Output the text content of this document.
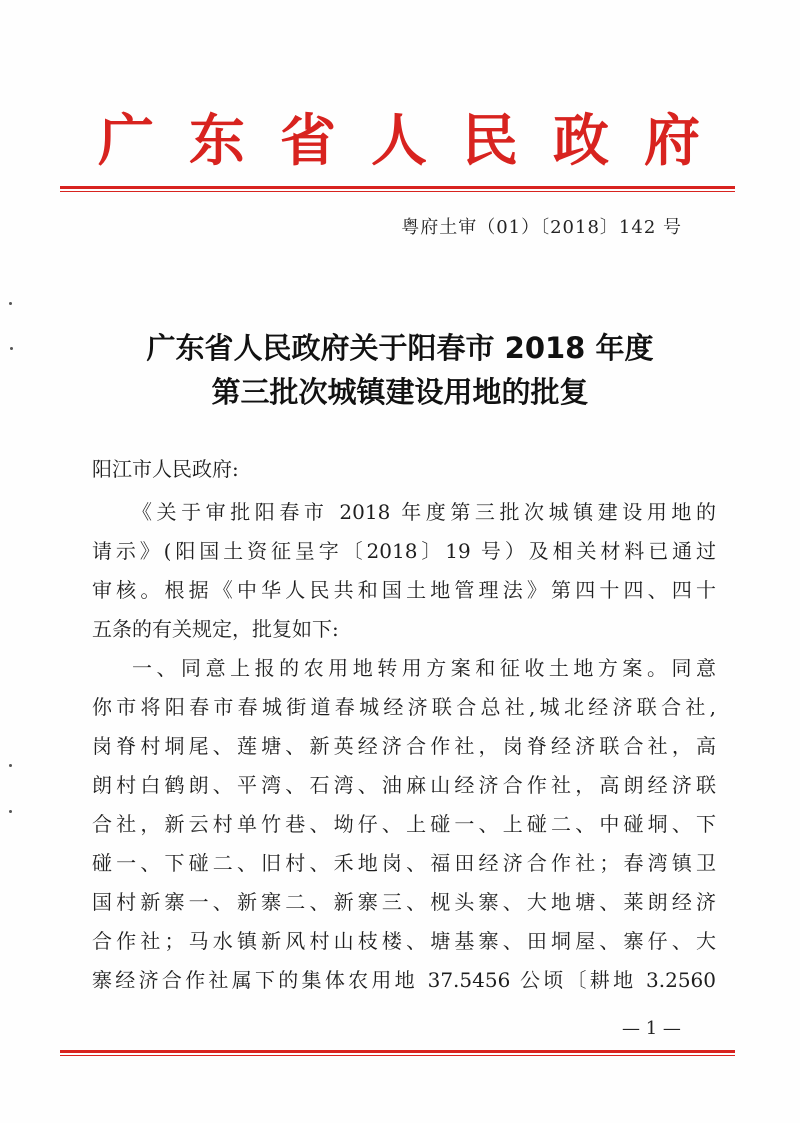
广 东 省 人 民 政 府
粤府土审（01）〔2018〕142 号
广东省人民政府关于阳春市 2018 年度
第三批次城镇建设用地的批复

阳江市人民政府:

《关于审批阳春市 2018 年度第三批次城镇建设用地的

请示》(阳国土资征呈字〔2018〕19 号）及相关材料已通过

审核。根据《中华人民共和国土地管理法》第四十四、四十

五条的有关规定，批复如下:

一、同意上报的农用地转用方案和征收土地方案。同意

你市将阳春市春城街道春城经济联合总社,城北经济联合社,

岗脊村垌尾、莲塘、新英经济合作社，岗脊经济联合社，高

朗村白鹤朗、平湾、石湾、油麻山经济合作社，高朗经济联

合社，新云村单竹巷、坳仔、上碰一、上碰二、中碰垌、下

碰一、下碰二、旧村、禾地岗、福田经济合作社；春湾镇卫

国村新寨一、新寨二、新寨三、枧头寨、大地塘、莱朗经济

合作社；马水镇新风村山枝楼、塘基寨、田垌屋、寨仔、大

寨经济合作社属下的集体农用地 37.5456 公顷〔耕地 3.2560

— 1 —
